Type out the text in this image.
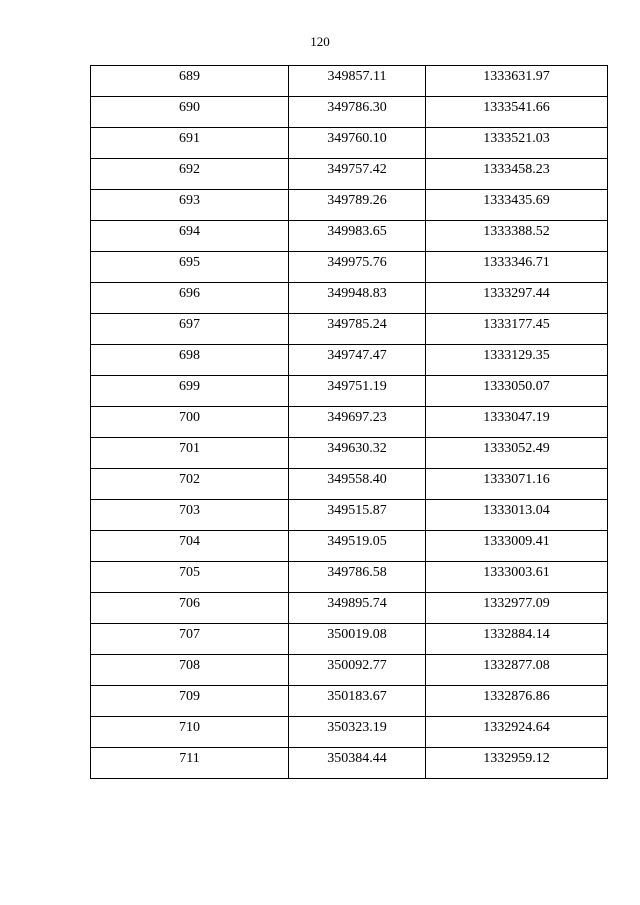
120
689	349857.11	1333631.97
690	349786.30	1333541.66
691	349760.10	1333521.03
692	349757.42	1333458.23
693	349789.26	1333435.69
694	349983.65	1333388.52
695	349975.76	1333346.71
696	349948.83	1333297.44
697	349785.24	1333177.45
698	349747.47	1333129.35
699	349751.19	1333050.07
700	349697.23	1333047.19
701	349630.32	1333052.49
702	349558.40	1333071.16
703	349515.87	1333013.04
704	349519.05	1333009.41
705	349786.58	1333003.61
706	349895.74	1332977.09
707	350019.08	1332884.14
708	350092.77	1332877.08
709	350183.67	1332876.86
710	350323.19	1332924.64
711	350384.44	1332959.12
